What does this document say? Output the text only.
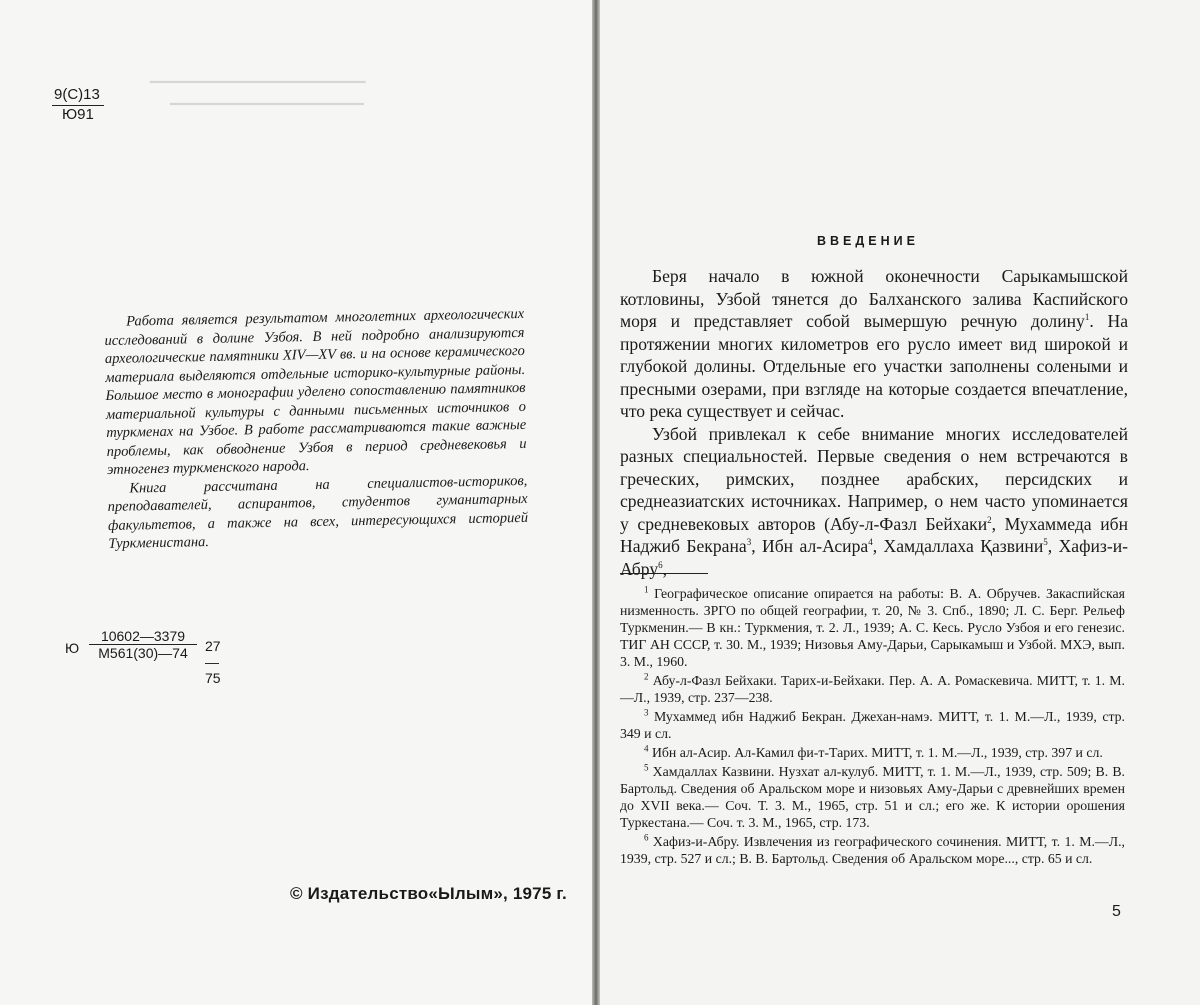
▔▔▔▔▔▔▔▔▔▔▔▔▔▔▔▔▔▔▔▔
▔▔▔▔▔▔▔▔▔▔▔▔▔▔▔▔▔▔
9(С)13
Ю91

Работа является результатом многолетних археологических исследований в долине Узбоя. В ней подробно анализируются археологические памятники XIV—XV вв. и на основе керамического материала выделяются отдельные историко-культурные районы. Большое место в монографии уделено сопоставлению памятников материальной культуры с данными письменных источников о туркменах на Узбое. В работе рассматриваются такие важные проблемы, как обводнение Узбоя в период средневековья и этногенез туркменского народа.

Книга рассчитана на специалистов-историков, преподавателей, аспирантов, студентов гуманитарных факультетов, а также на всех, интересующихся историей Туркменистана.

Ю
10602—3379
М561(30)—74	27—75
© Издательство«Ылым», 1975 г.
ВВЕДЕНИЕ

Беря начало в южной оконечности Сарыкамышской котловины, Узбой тянется до Балханского залива Каспийского моря и представляет собой вымершую речную долину$^1$. На протяжении многих километров его русло имеет вид широкой и глубокой долины. Отдельные его участки заполнены солеными и пресными озерами, при взгляде на которые создается впечатление, что река существует и сейчас.

Узбой привлекал к себе внимание многих исследователей разных специальностей. Первые сведения о нем встречаются в греческих, римских, позднее арабских, персидских и среднеазиатских источниках. Например, о нем часто упоминается у средневековых авторов (Абу-л-Фазл Бейхаки$^2$, Мухаммеда ибн Наджиб Бекрана$^3$, Ибн ал-Асира$^4$, Хамдаллаха Қазвини$^5$, Хафиз-и-Абру$^6$,

$^1$ Географическое описание опирается на работы: В. А. Обручев. Закаспийская низменность. ЗРГО по общей географии, т. 20, № 3. Спб., 1890; Л. С. Берг. Рельеф Туркменин.— В кн.: Туркмения, т. 2. Л., 1939; А. С. Кесь. Русло Узбоя и его генезис. ТИГ АН СССР, т. 30. М., 1939; Низовья Аму-Дарьи, Сарыкамыш и Узбой. МХЭ, вып. 3. М., 1960.

$^2$ Абу-л-Фазл Бейхаки. Тарих-и-Бейхаки. Пер. А. А. Ромаскевича. МИТТ, т. 1. М.—Л., 1939, стр. 237—238.

$^3$ Мухаммед ибн Наджиб Бекран. Джехан-намэ. МИТТ, т. 1. М.—Л., 1939, стр. 349 и сл.

$^4$ Ибн ал-Асир. Ал-Камил фи-т-Тарих. МИТТ, т. 1. М.—Л., 1939, стр. 397 и сл.

$^5$ Хамдаллах Казвини. Нузхат ал-кулуб. МИТТ, т. 1. М.—Л., 1939, стр. 509; В. В. Бартольд. Сведения об Аральском море и низовьях Аму-Дарьи с древнейших времен до XVII века.— Соч. Т. 3. М., 1965, стр. 51 и сл.; его же. К истории орошения Туркестана.— Соч. т. 3. М., 1965, стр. 173.

$^6$ Хафиз-и-Абру. Извлечения из географического сочинения. МИТТ, т. 1. М.—Л., 1939, стр. 527 и сл.; В. В. Бартольд. Сведения об Аральском море..., стр. 65 и сл.

5
